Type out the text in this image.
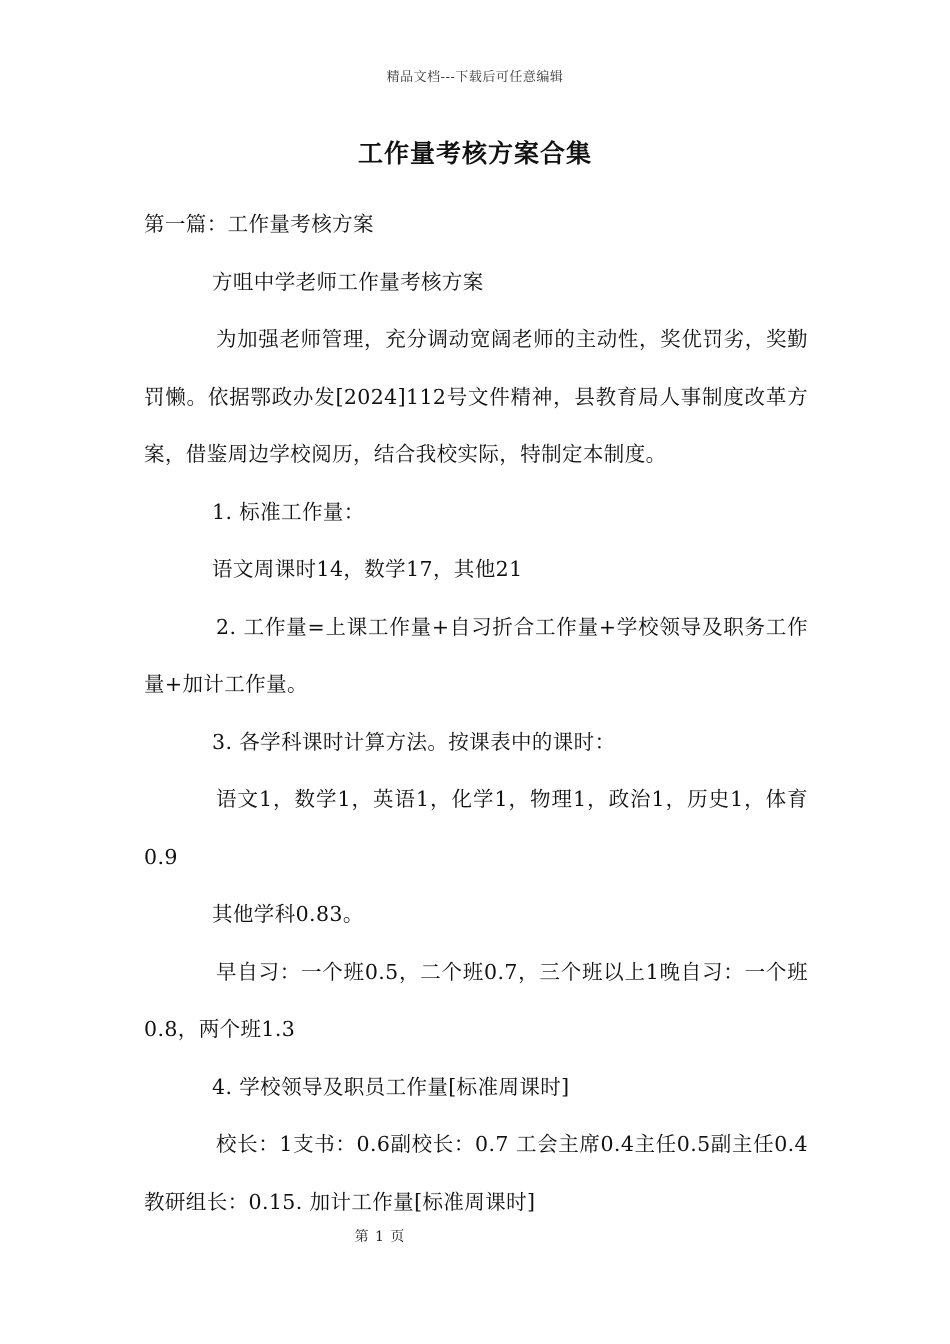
精品文档---下载后可任意编辑
工作量考核方案合集

第一篇：工作量考核方案

方咀中学老师工作量考核方案

为加强老师管理，充分调动宽阔老师的主动性，奖优罚劣，奖勤罚懒。依据鄂政办发[2024]112号文件精神，县教育局人事制度改革方案，借鉴周边学校阅历，结合我校实际，特制定本制度。

1. 标准工作量：

语文周课时14，数学17，其他21

2. 工作量=上课工作量+自习折合工作量+学校领导及职务工作量+加计工作量。

3. 各学科课时计算方法。按课表中的课时：

语文1，数学1，英语1，化学1，物理1，政治1，历史1，体育0.9

其他学科0.83。

早自习：一个班0.5，二个班0.7，三个班以上1晚自习：一个班0.8，两个班1.3

4. 学校领导及职员工作量[标准周课时]

校长：1支书：0.6副校长：0.7 工会主席0.4主任0.5副主任0.4教研组长：0.15. 加计工作量[标准周课时]

第 1 页
